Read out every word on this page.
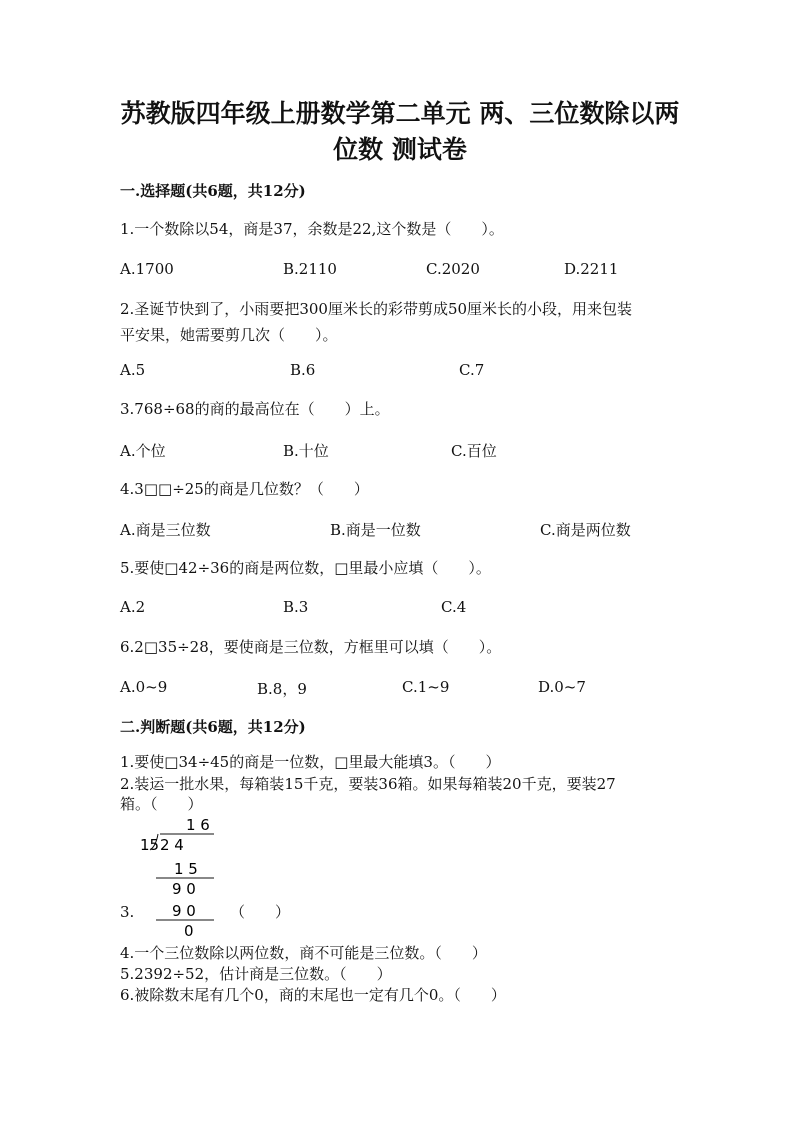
苏教版四年级上册数学第二单元 两、三位数除以两
位数 测试卷
一.选择题(共6题，共12分)
1.一个数除以54，商是37，余数是22,这个数是（　　）。
A.1700	B.2110	C.2020	D.2211
2.圣诞节快到了，小雨要把300厘米长的彩带剪成50厘米长的小段，用来包装
平安果，她需要剪几次（　　）。
A.5	B.6	C.7
3.768÷68的商的最高位在（　　）上。
A.个位	B.十位	C.百位
4.3□□÷25的商是几位数？（　　）
A.商是三位数	B.商是一位数	C.商是两位数
5.要使□42÷36的商是两位数，□里最小应填（　　）。
A.2	B.3	C.4
6.2□35÷28，要使商是三位数，方框里可以填（　　）。
A.0~9	B.8，9	C.1~9	D.0~7
二.判断题(共6题，共12分)
1.要使□34÷45的商是一位数，□里最大能填3。（　　）
2.装运一批水果，每箱装15千克，要装36箱。如果每箱装20千克，要装27
箱。（　　）
1 6
15 2 4
1 5
9 0
9 0
0
3.	（　　）
4.一个三位数除以两位数，商不可能是三位数。（　　）
5.2392÷52，估计商是三位数。（　　）
6.被除数末尾有几个0，商的末尾也一定有几个0。（　　）
